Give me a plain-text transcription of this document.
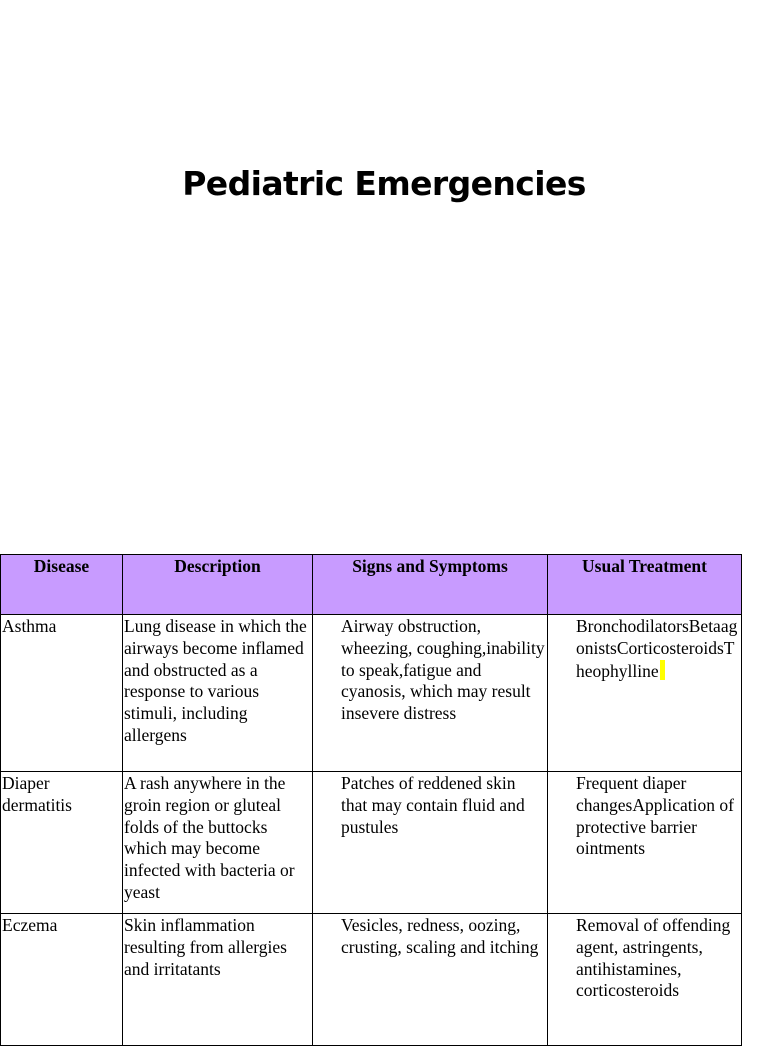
Pediatric Emergencies
Disease	Description	Signs and Symptoms	Usual Treatment
Asthma	Lung disease in which the airways become inflamed and obstructed as a response to various stimuli, including allergens	Airway obstruction, wheezing, coughing,inability to speak,fatigue and cyanosis, which may result insevere distress	BronchodilatorsBetaagonistsCorticosteroidsTheophylline
Diaper dermatitis	A rash anywhere in the groin region or gluteal folds of the buttocks which may become infected with bacteria or yeast	Patches of reddened skin that may contain fluid and pustules	Frequent diaper changesApplication of protective barrier ointments
Eczema	Skin inflammation resulting from allergies and irritatants	Vesicles, redness, oozing, crusting, scaling and itching	Removal of offending agent, astringents, antihistamines, corticosteroids
